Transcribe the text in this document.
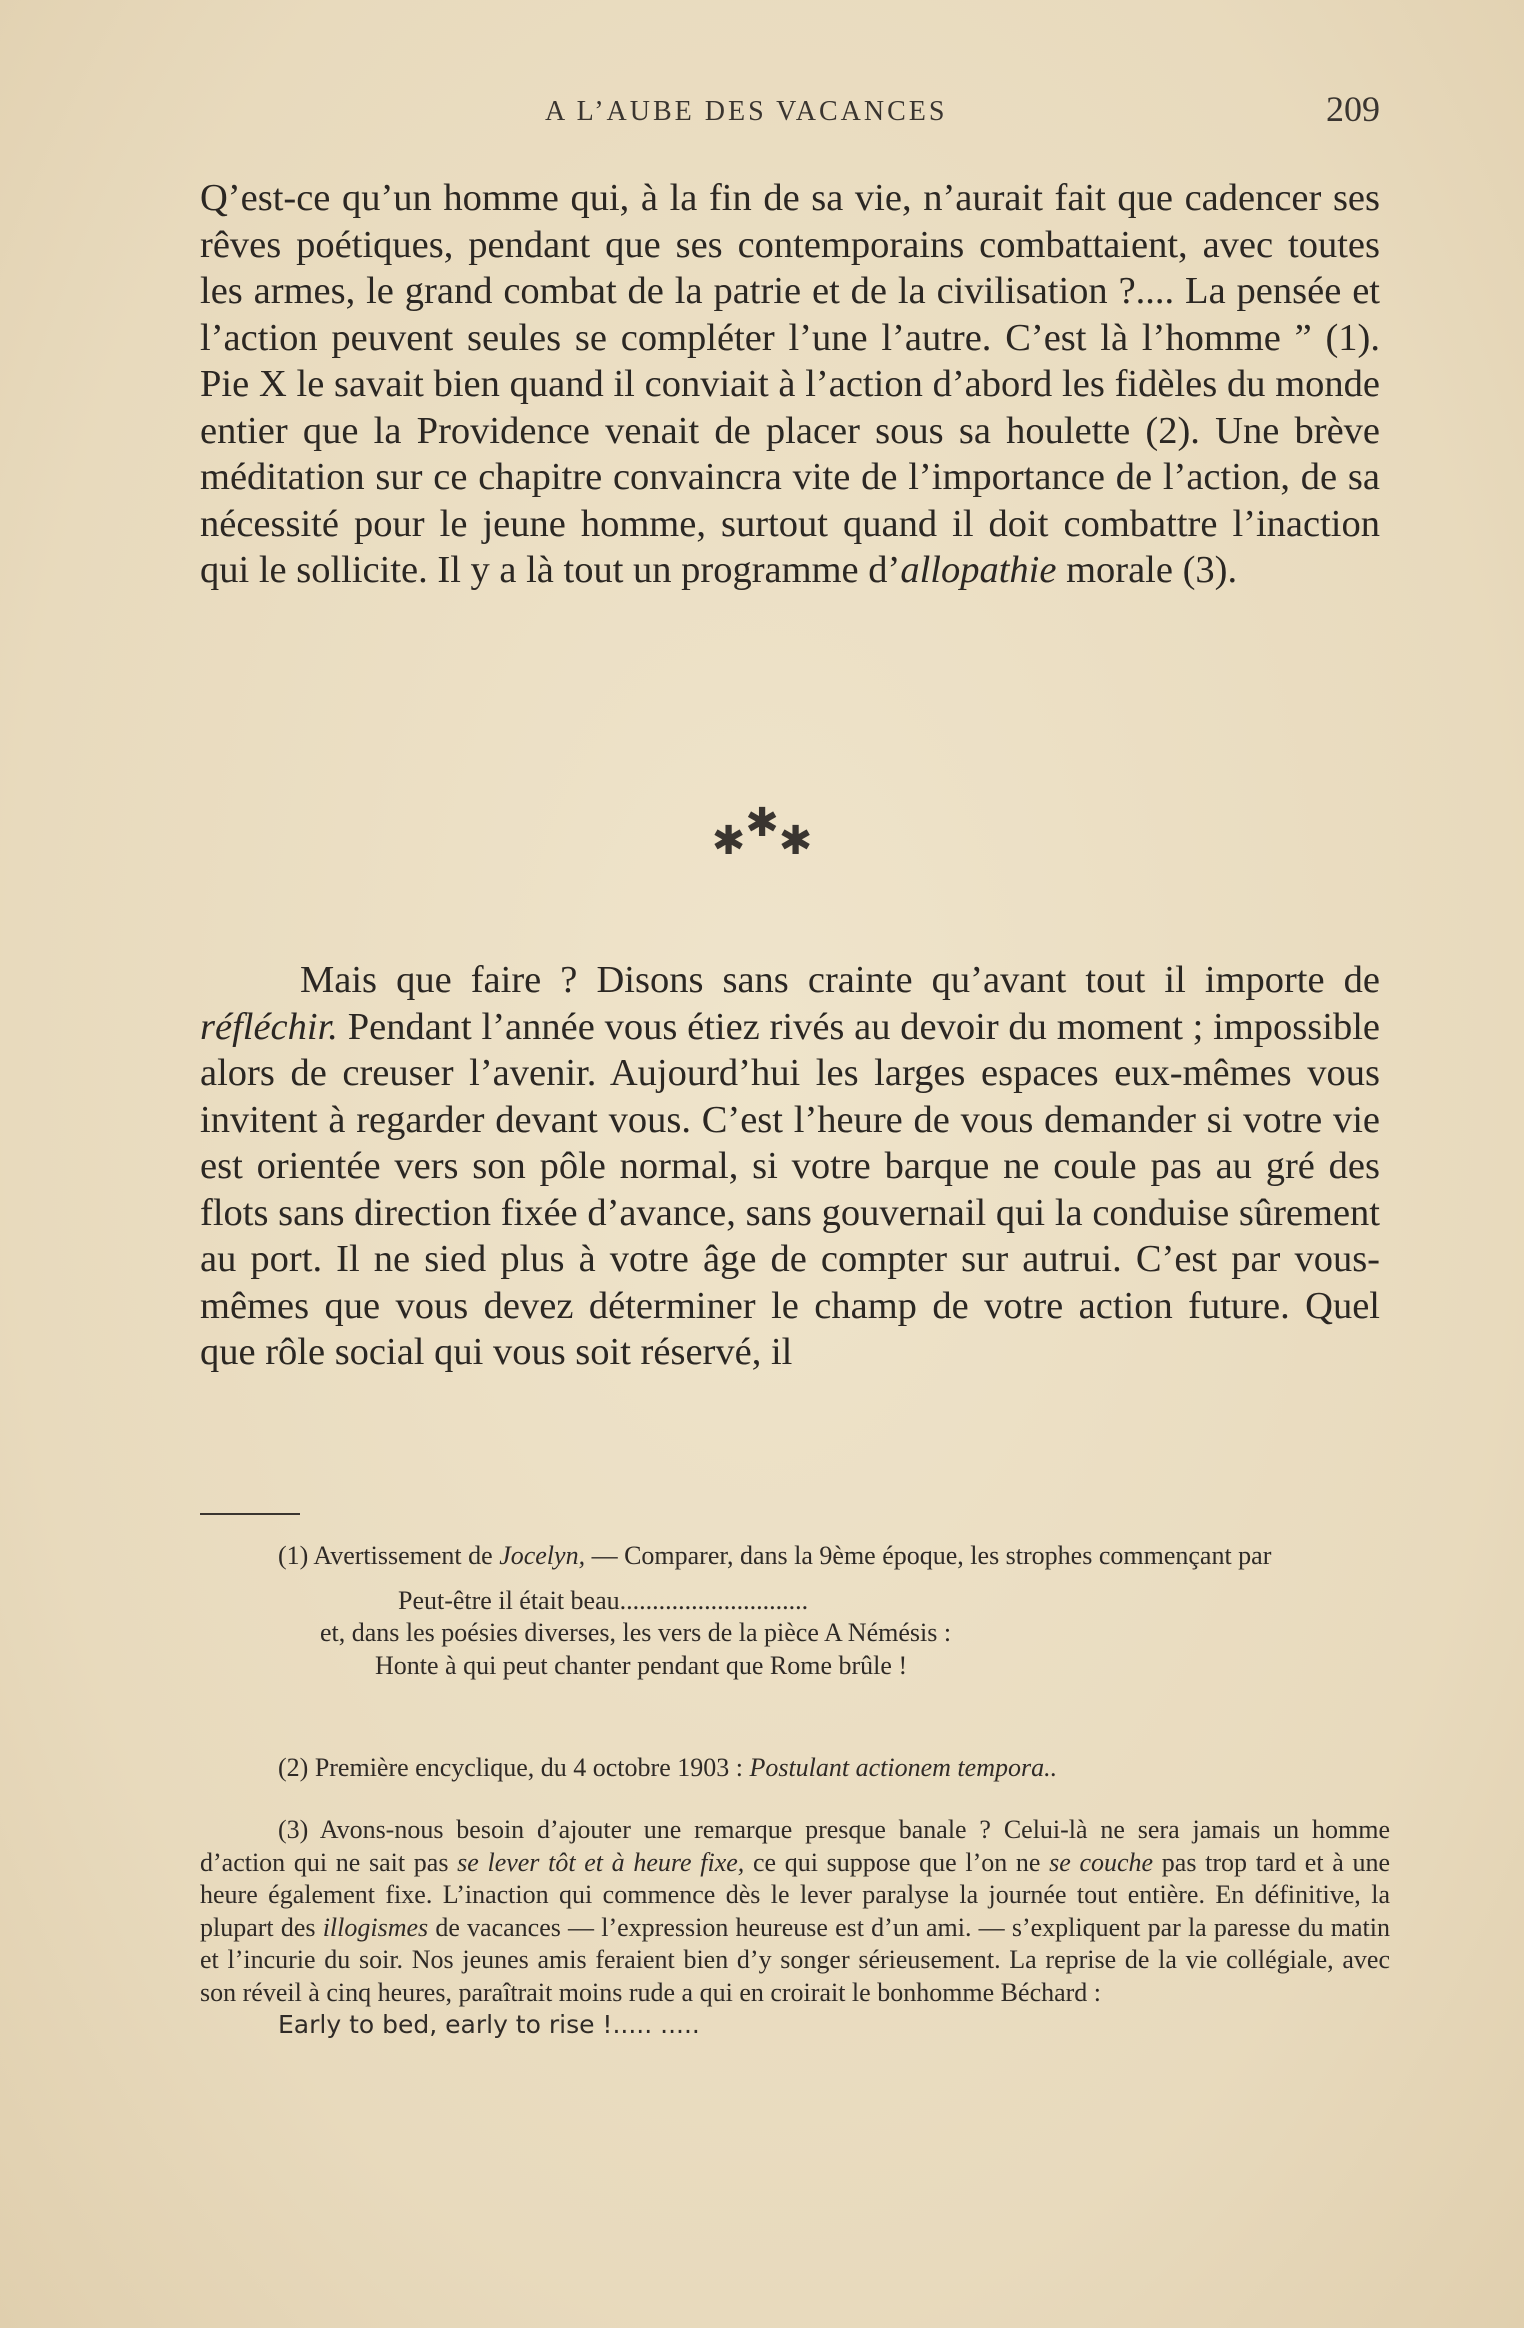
A L’AUBE DES VACANCES	209

Q’est-ce qu’un homme qui, à la fin de sa vie, n’aurait fait que cadencer ses rêves poétiques, pendant que ses contemporains combattaient, avec toutes les armes, le grand combat de la patrie et de la civilisation ?.... La pensée et l’action peuvent seules se compléter l’une l’autre. C’est là l’homme ” (1). Pie X le savait bien quand il conviait à l’action d’abord les fidèles du monde entier que la Providence venait de placer sous sa houlette (2). Une brève méditation sur ce chapitre convaincra vite de l’importance de l’action, de sa nécessité pour le jeune homme, surtout quand il doit combattre l’inaction qui le sollicite. Il y a là tout un programme d’allopathie morale (3).

✱✱✱

Mais que faire ? Disons sans crainte qu’avant tout il importe de réfléchir. Pendant l’année vous étiez rivés au devoir du moment ; impossible alors de creuser l’avenir. Aujourd’hui les larges espaces eux-mêmes vous invitent à regarder devant vous. C’est l’heure de vous demander si votre vie est orientée vers son pôle normal, si votre barque ne coule pas au gré des flots sans direction fixée d’avance, sans gouvernail qui la conduise sûrement au port. Il ne sied plus à votre âge de compter sur autrui. C’est par vous-mêmes que vous devez déterminer le champ de votre action future. Quel que rôle social qui vous soit réservé, il

(1) Avertissement de Jocelyn, — Comparer, dans la 9ème époque, les strophes commençant par

Peut-être il était beau.............................

et, dans les poésies diverses, les vers de la pièce A Némésis :

Honte à qui peut chanter pendant que Rome brûle !

(2) Première encyclique, du 4 octobre 1903 : Postulant actionem tempora..

(3) Avons-nous besoin d’ajouter une remarque presque banale ? Celui-là ne sera jamais un homme d’action qui ne sait pas se lever tôt et à heure fixe, ce qui suppose que l’on ne se couche pas trop tard et à une heure également fixe. L’inaction qui commence dès le lever paralyse la journée tout entière. En définitive, la plupart des illogismes de vacances — l’expression heureuse est d’un ami. — s’expliquent par la paresse du matin et l’incurie du soir. Nos jeunes amis feraient bien d’y songer sérieusement. La reprise de la vie collégiale, avec son réveil à cinq heures, paraîtrait moins rude a qui en croirait le bonhomme Béchard :

Early to bed, early to rise !..... .....
